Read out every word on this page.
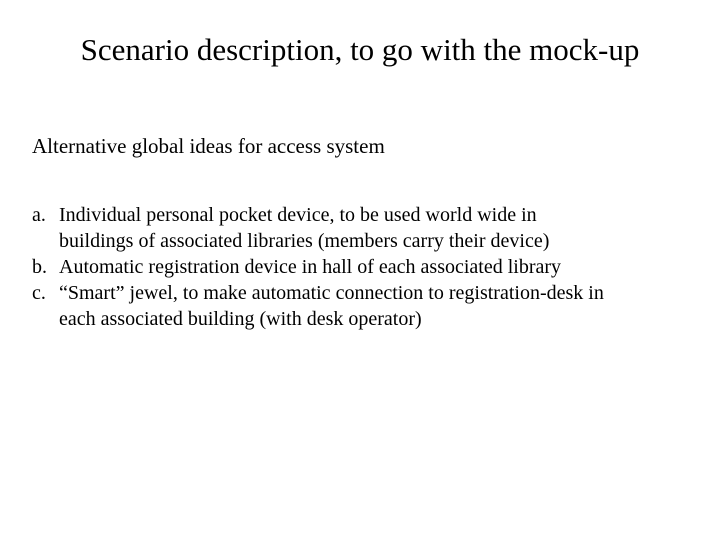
Scenario description, to go with the mock-up
Alternative global ideas for access system
a. Individual personal pocket device, to be used world wide in
buildings of associated libraries (members carry their device)
b. Automatic registration device in hall of each associated library
c. “Smart” jewel, to make automatic connection to registration-desk in
each associated building (with desk operator)
